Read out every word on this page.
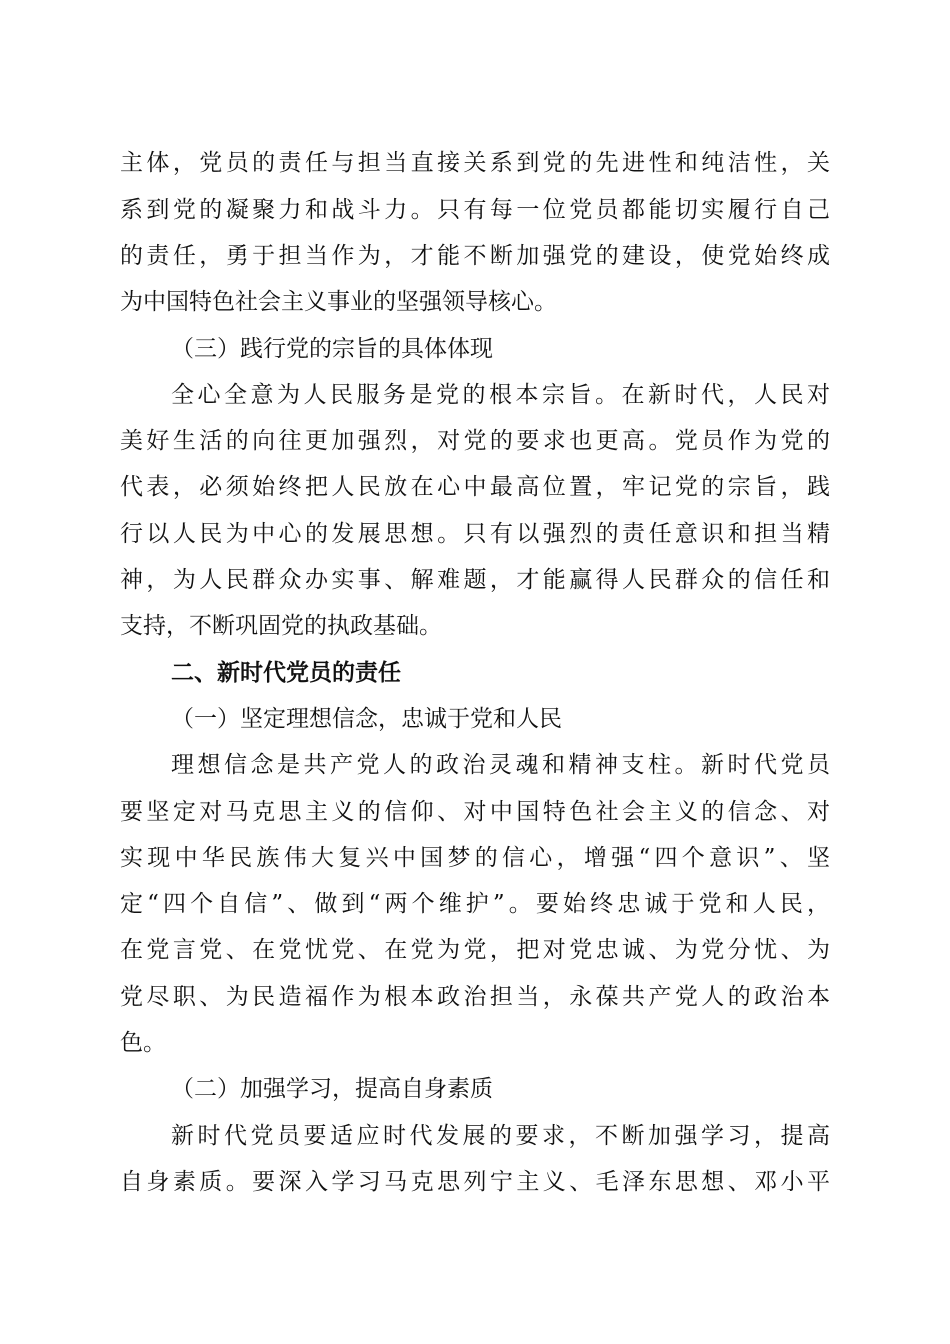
主体，党员的责任与担当直接关系到党的先进性和纯洁性，关
系到党的凝聚力和战斗力。只有每一位党员都能切实履行自己
的责任，勇于担当作为，才能不断加强党的建设，使党始终成
为中国特色社会主义事业的坚强领导核心。
（三）践行党的宗旨的具体体现
全心全意为人民服务是党的根本宗旨。在新时代，人民对
美好生活的向往更加强烈，对党的要求也更高。党员作为党的
代表，必须始终把人民放在心中最高位置，牢记党的宗旨，践
行以人民为中心的发展思想。只有以强烈的责任意识和担当精
神，为人民群众办实事、解难题，才能赢得人民群众的信任和
支持，不断巩固党的执政基础。
二、新时代党员的责任
（一）坚定理想信念，忠诚于党和人民
理想信念是共产党人的政治灵魂和精神支柱。新时代党员
要坚定对马克思主义的信仰、对中国特色社会主义的信念、对
实现中华民族伟大复兴中国梦的信心，增强“四个意识”、坚
定“四个自信”、做到“两个维护”。要始终忠诚于党和人民，
在党言党、在党忧党、在党为党，把对党忠诚、为党分忧、为
党尽职、为民造福作为根本政治担当，永葆共产党人的政治本
色。
（二）加强学习，提高自身素质
新时代党员要适应时代发展的要求，不断加强学习，提高
自身素质。要深入学习马克思列宁主义、毛泽东思想、邓小平
